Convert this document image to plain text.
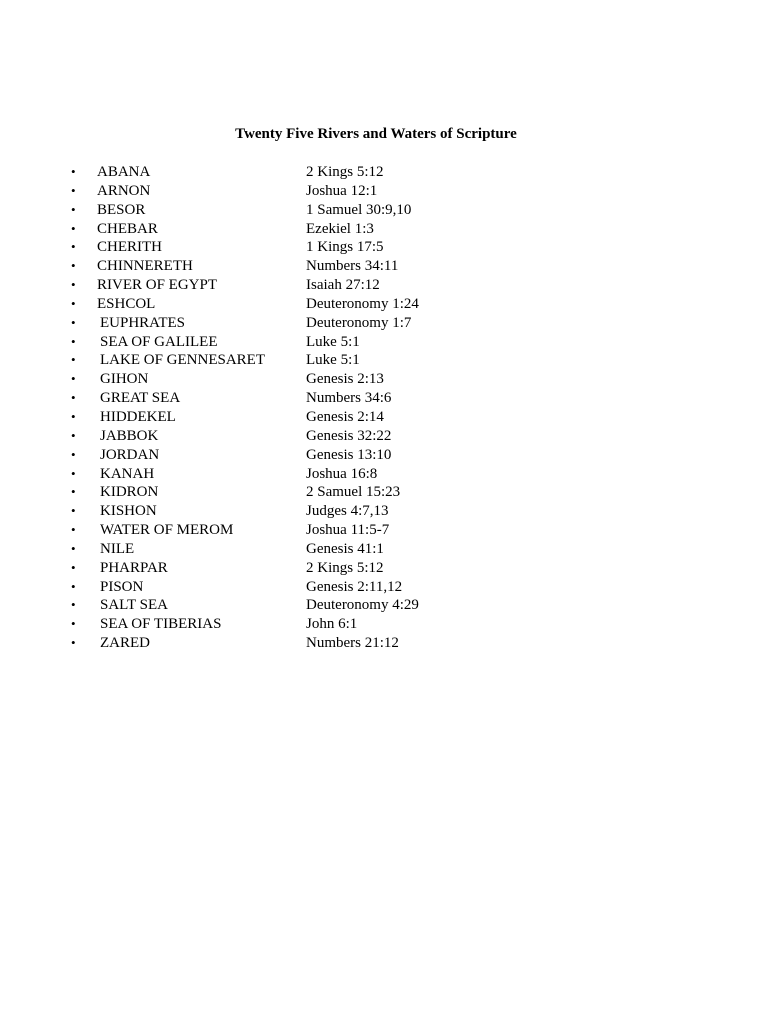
Twenty Five Rivers and Waters of Scripture
• ABANA	2 Kings 5:12
• ARNON	Joshua 12:1
• BESOR	1 Samuel 30:9,10
• CHEBAR	Ezekiel 1:3
• CHERITH	1 Kings 17:5
• CHINNERETH	Numbers 34:11
• RIVER OF EGYPT	Isaiah 27:12
• ESHCOL	Deuteronomy 1:24
• EUPHRATES	Deuteronomy 1:7
• SEA OF GALILEE	Luke 5:1
• LAKE OF GENNESARET	Luke 5:1
• GIHON	Genesis 2:13
• GREAT SEA	Numbers 34:6
• HIDDEKEL	Genesis 2:14
• JABBOK	Genesis 32:22
• JORDAN	Genesis 13:10
• KANAH	Joshua 16:8
• KIDRON	2 Samuel 15:23
• KISHON	Judges 4:7,13
• WATER OF MEROM	Joshua 11:5-7
• NILE	Genesis 41:1
• PHARPAR	2 Kings 5:12
• PISON	Genesis 2:11,12
• SALT SEA	Deuteronomy 4:29
• SEA OF TIBERIAS	John 6:1
• ZARED	Numbers 21:12
